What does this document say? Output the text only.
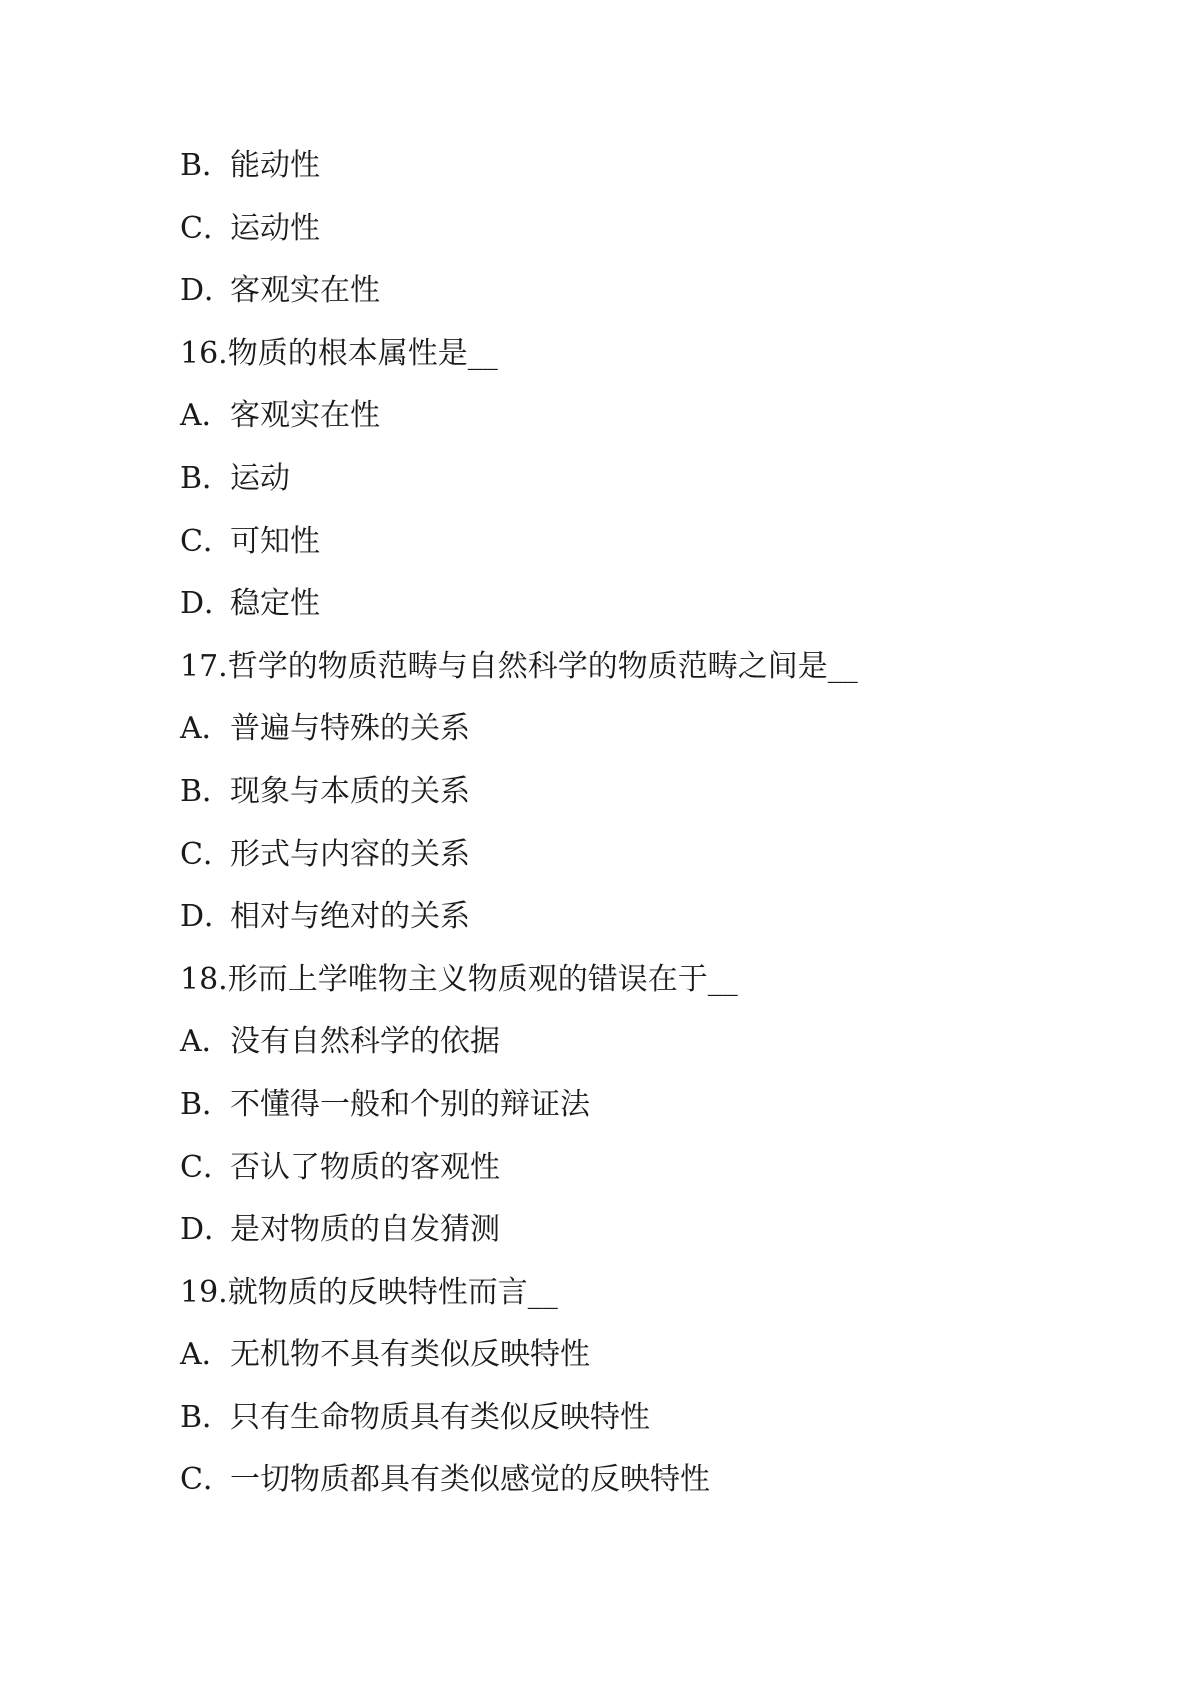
B．能动性
C．运动性
D．客观实在性
16.物质的根本属性是__
A．客观实在性
B．运动
C．可知性
D．稳定性
17.哲学的物质范畴与自然科学的物质范畴之间是__
A．普遍与特殊的关系
B．现象与本质的关系
C．形式与内容的关系
D．相对与绝对的关系
18.形而上学唯物主义物质观的错误在于__
A．没有自然科学的依据
B．不懂得一般和个别的辩证法
C．否认了物质的客观性
D．是对物质的自发猜测
19.就物质的反映特性而言__
A．无机物不具有类似反映特性
B．只有生命物质具有类似反映特性
C．一切物质都具有类似感觉的反映特性
